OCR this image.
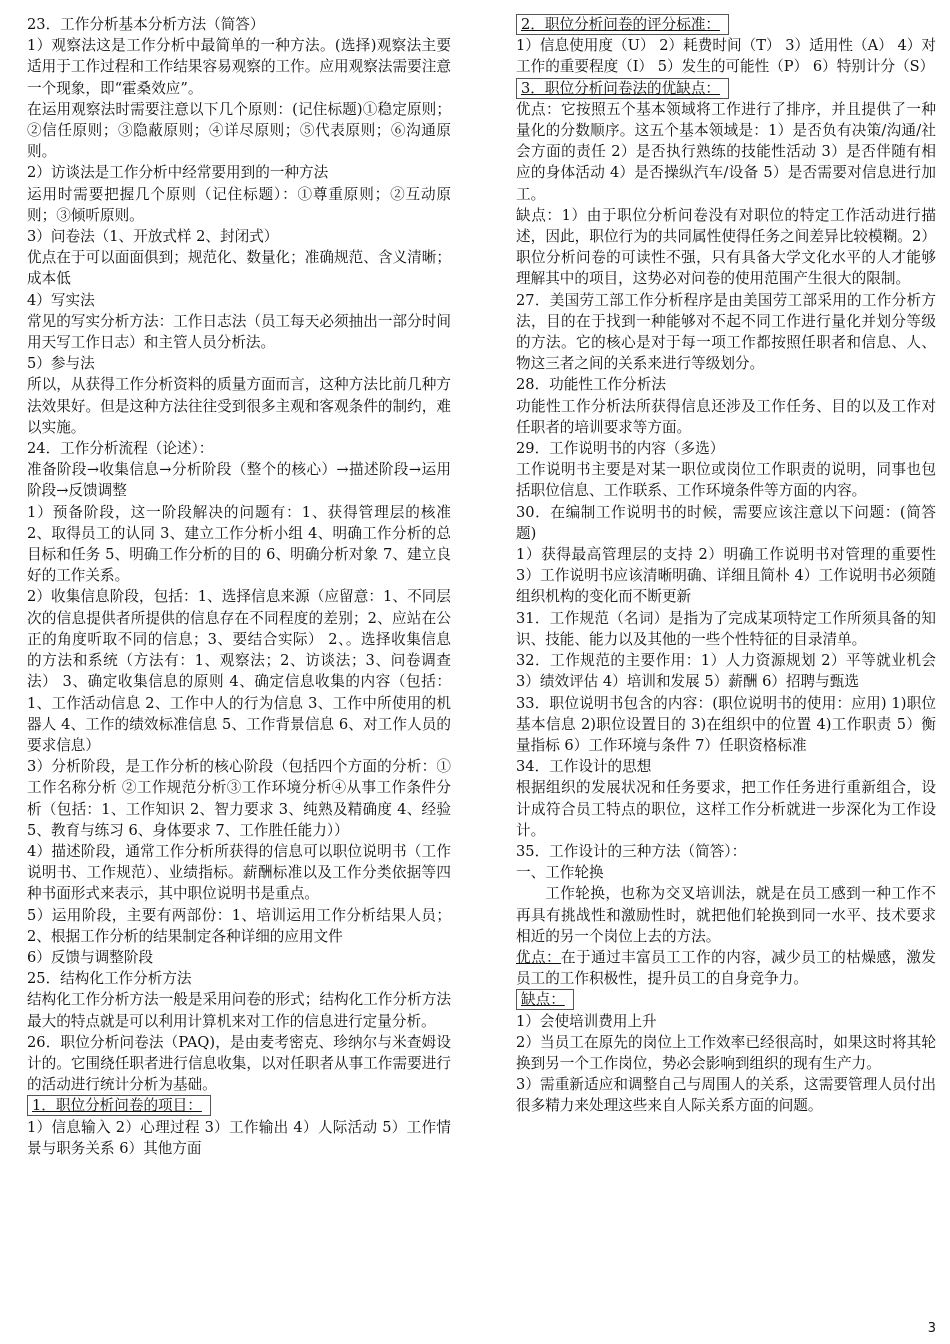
23．工作分析基本分析方法（简答）

1）观察法这是工作分析中最简单的一种方法。(选择)观察法主要适用于工作过程和工作结果容易观察的工作。应用观察法需要注意一个现象，即“霍桑效应”。

在运用观察法时需要注意以下几个原则：(记住标题)①稳定原则；②信任原则；③隐蔽原则；④详尽原则；⑤代表原则；⑥沟通原则。

2）访谈法是工作分析中经常要用到的一种方法

运用时需要把握几个原则（记住标题）：①尊重原则；②互动原则；③倾听原则。

3）问卷法（1、开放式样 2、封闭式）

优点在于可以面面俱到；规范化、数量化；准确规范、含义清晰；成本低

4）写实法

常见的写实分析方法：工作日志法（员工每天必须抽出一部分时间用天写工作日志）和主管人员分析法。

5）参与法

所以，从获得工作分析资料的质量方面而言，这种方法比前几种方法效果好。但是这种方法往往受到很多主观和客观条件的制约，难以实施。

24．工作分析流程（论述）：

准备阶段→收集信息→分析阶段（整个的核心）→描述阶段→运用阶段→反馈调整

1）预备阶段，这一阶段解决的问题有：1、获得管理层的核准 2、取得员工的认同 3、建立工作分析小组 4、明确工作分析的总目标和任务 5、明确工作分析的目的 6、明确分析对象 7、建立良好的工作关系。

2）收集信息阶段，包括：1、选择信息来源（应留意：1、不同层次的信息提供者所提供的信息存在不同程度的差别；2、应站在公正的角度听取不同的信息；3、要结合实际） 2、。选择收集信息的方法和系统（方法有：1、观察法；2、访谈法；3、问卷调查法） 3、确定收集信息的原则 4、确定信息收集的内容（包括：1、工作活动信息 2、工作中人的行为信息 3、工作中所使用的机器人 4、工作的绩效标准信息 5、工作背景信息 6、对工作人员的要求信息）

3）分析阶段，是工作分析的核心阶段（包括四个方面的分析：①工作名称分析 ②工作规范分析③工作环境分析④从事工作条件分析（包括：1、工作知识 2、智力要求 3、纯熟及精确度 4、经验 5、教育与练习 6、身体要求 7、工作胜任能力））

4）描述阶段，通常工作分析所获得的信息可以职位说明书（工作说明书、工作规范）、业绩指标。薪酬标准以及工作分类依据等四种书面形式来表示，其中职位说明书是重点。

5）运用阶段，主要有两部份：1、培训运用工作分析结果人员； 2、根据工作分析的结果制定各种详细的应用文件

6）反馈与调整阶段

25．结构化工作分析方法

结构化工作分析方法一般是采用问卷的形式；结构化工作分析方法最大的特点就是可以利用计算机来对工作的信息进行定量分析。

26．职位分析问卷法（PAQ)，是由麦考密克、珍纳尔与米查姆设计的。它围绕任职者进行信息收集，以对任职者从事工作需要进行的活动进行统计分析为基础。

1．职位分析问卷的项目：

1）信息输入 2）心理过程 3）工作输出 4）人际活动 5）工作情景与职务关系 6）其他方面

2．职位分析问卷的评分标准：

1）信息使用度（U） 2）耗费时间（T） 3）适用性（A） 4）对工作的重要程度（I） 5）发生的可能性（P） 6）特别计分（S）

3．职位分析问卷法的优缺点：

优点：它按照五个基本领域将工作进行了排序，并且提供了一种量化的分数顺序。这五个基本领域是：1）是否负有决策/沟通/社会方面的责任 2）是否执行熟练的技能性活动 3）是否伴随有相应的身体活动 4）是否操纵汽车/设备 5）是否需要对信息进行加工。

缺点：1）由于职位分析问卷没有对职位的特定工作活动进行描述，因此，职位行为的共同属性使得任务之间差异比较模糊。2）职位分析问卷的可读性不强，只有具备大学文化水平的人才能够理解其中的项目，这势必对问卷的使用范围产生很大的限制。

27．美国劳工部工作分析程序是由美国劳工部采用的工作分析方法，目的在于找到一种能够对不起不同工作进行量化并划分等级的方法。它的核心是对于每一项工作都按照任职者和信息、人、物这三者之间的关系来进行等级划分。

28．功能性工作分析法

功能性工作分析法所获得信息还涉及工作任务、目的以及工作对任职者的培训要求等方面。

29．工作说明书的内容（多选）

工作说明书主要是对某一职位或岗位工作职责的说明，同事也包括职位信息、工作联系、工作环境条件等方面的内容。

30．在编制工作说明书的时候，需要应该注意以下问题：(简答题)

1）获得最高管理层的支持 2）明确工作说明书对管理的重要性 3）工作说明书应该清晰明确、详细且简朴 4）工作说明书必须随组织机构的变化而不断更新

31．工作规范（名词）是指为了完成某项特定工作所须具备的知识、技能、能力以及其他的一些个性特征的目录清单。

32．工作规范的主要作用：1）人力资源规划 2）平等就业机会 3）绩效评估 4）培训和发展 5）薪酬 6）招聘与甄选

33．职位说明书包含的内容：(职位说明书的使用：应用) 1)职位基本信息 2)职位设置目的 3)在组织中的位置 4)工作职责 5）衡量指标 6）工作环境与条件 7）任职资格标准

34．工作设计的思想

根据组织的发展状况和任务要求，把工作任务进行重新组合，设计成符合员工特点的职位，这样工作分析就进一步深化为工作设计。

35．工作设计的三种方法（简答）：

一、工作轮换

工作轮换，也称为交叉培训法，就是在员工感到一种工作不再具有挑战性和激励性时，就把他们轮换到同一水平、技术要求相近的另一个岗位上去的方法。

优点：在于通过丰富员工工作的内容，减少员工的枯燥感，激发员工的工作积极性，提升员工的自身竞争力。

缺点：

1）会使培训费用上升

2）当员工在原先的岗位上工作效率已经很高时，如果这时将其轮换到另一个工作岗位，势必会影响到组织的现有生产力。

3）需重新适应和调整自己与周围人的关系，这需要管理人员付出很多精力来处理这些来自人际关系方面的问题。

3
